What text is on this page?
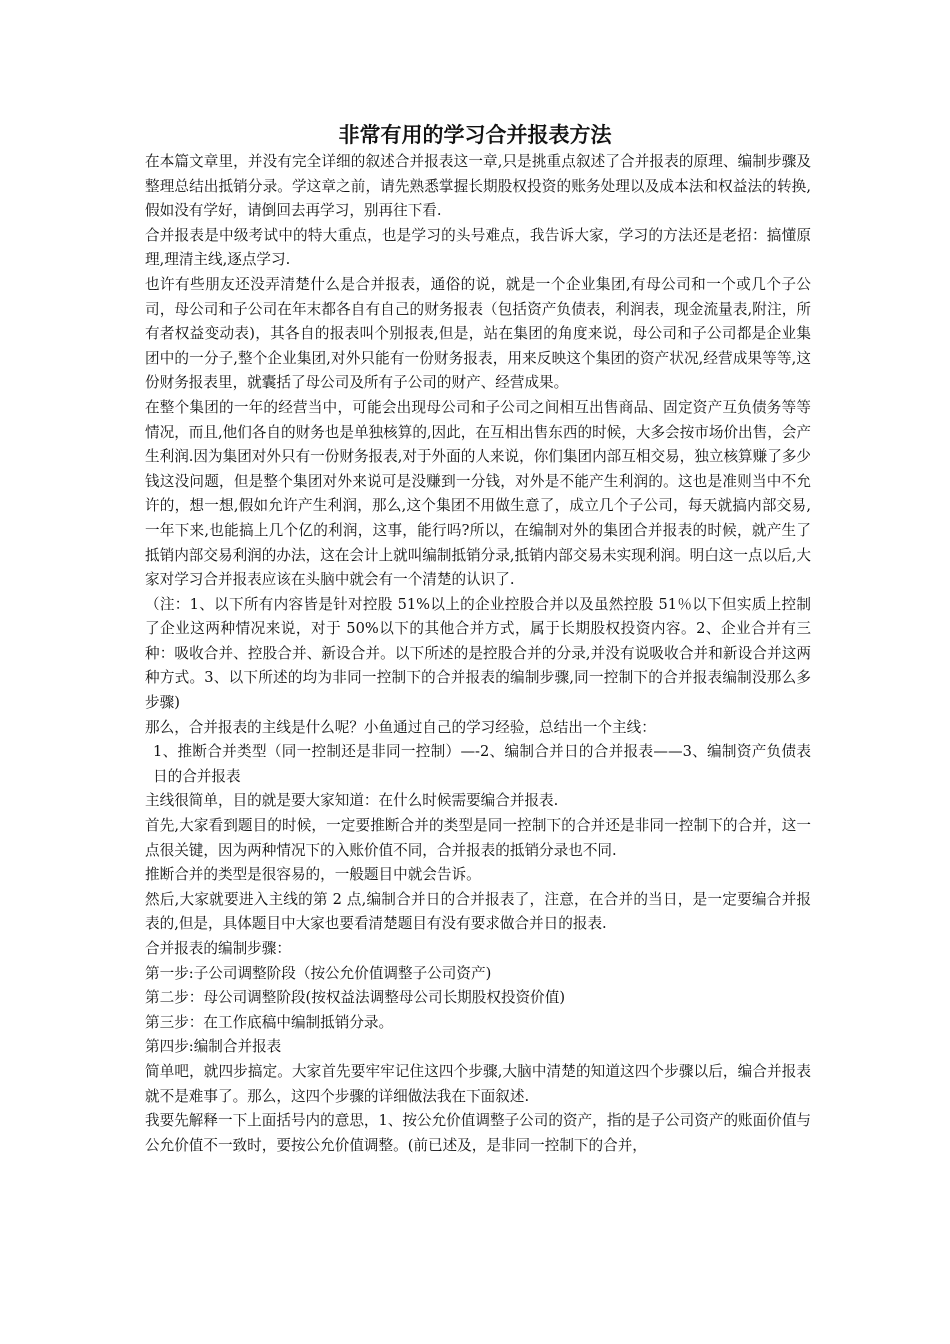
非常有用的学习合并报表方法

在本篇文章里，并没有完全详细的叙述合并报表这一章,只是挑重点叙述了合并报表的原理、编制步骤及整理总结出抵销分录。学这章之前，请先熟悉掌握长期股权投资的账务处理以及成本法和权益法的转换,假如没有学好，请倒回去再学习，别再往下看.

合并报表是中级考试中的特大重点，也是学习的头号难点，我告诉大家，学习的方法还是老招：搞懂原理,理清主线,逐点学习.

也许有些朋友还没弄清楚什么是合并报表，通俗的说，就是一个企业集团,有母公司和一个或几个子公司，母公司和子公司在年末都各自有自己的财务报表（包括资产负债表，利润表，现金流量表,附注，所有者权益变动表)，其各自的报表叫个别报表,但是，站在集团的角度来说，母公司和子公司都是企业集团中的一分子,整个企业集团,对外只能有一份财务报表，用来反映这个集团的资产状况,经营成果等等,这份财务报表里，就囊括了母公司及所有子公司的财产、经营成果。

在整个集团的一年的经营当中，可能会出现母公司和子公司之间相互出售商品、固定资产互负债务等等情况，而且,他们各自的财务也是单独核算的,因此，在互相出售东西的时候，大多会按市场价出售，会产生利润.因为集团对外只有一份财务报表,对于外面的人来说，你们集团内部互相交易，独立核算赚了多少钱这没问题，但是整个集团对外来说可是没赚到一分钱，对外是不能产生利润的。这也是准则当中不允许的，想一想,假如允许产生利润，那么,这个集团不用做生意了，成立几个子公司，每天就搞内部交易,一年下来,也能搞上几个亿的利润，这事，能行吗?所以，在编制对外的集团合并报表的时候，就产生了抵销内部交易利润的办法，这在会计上就叫编制抵销分录,抵销内部交易未实现利润。明白这一点以后,大家对学习合并报表应该在头脑中就会有一个清楚的认识了.

（注：1、以下所有内容皆是针对控股 51%以上的企业控股合并以及虽然控股 51％以下但实质上控制了企业这两种情况来说，对于 50%以下的其他合并方式，属于长期股权投资内容。2、企业合并有三种：吸收合并、控股合并、新设合并。以下所述的是控股合并的分录,并没有说吸收合并和新设合并这两种方式。3、以下所述的均为非同一控制下的合并报表的编制步骤,同一控制下的合并报表编制没那么多步骤)

那么，合并报表的主线是什么呢？小鱼通过自己的学习经验，总结出一个主线：

1、推断合并类型（同一控制还是非同一控制）—-2、编制合并日的合并报表——3、编制资产负债表日的合并报表

主线很简单，目的就是要大家知道：在什么时候需要编合并报表.

首先,大家看到题目的时候，一定要推断合并的类型是同一控制下的合并还是非同一控制下的合并，这一点很关键，因为两种情况下的入账价值不同，合并报表的抵销分录也不同.

推断合并的类型是很容易的，一般题目中就会告诉。

然后,大家就要进入主线的第 2 点,编制合并日的合并报表了，注意，在合并的当日，是一定要编合并报表的,但是，具体题目中大家也要看清楚题目有没有要求做合并日的报表.

合并报表的编制步骤：

第一步:子公司调整阶段（按公允价值调整子公司资产)

第二步：母公司调整阶段(按权益法调整母公司长期股权投资价值)

第三步：在工作底稿中编制抵销分录。

第四步:编制合并报表

简单吧，就四步搞定。大家首先要牢牢记住这四个步骤,大脑中清楚的知道这四个步骤以后，编合并报表就不是难事了。那么，这四个步骤的详细做法我在下面叙述.

我要先解释一下上面括号内的意思，1、按公允价值调整子公司的资产，指的是子公司资产的账面价值与公允价值不一致时，要按公允价值调整。(前已述及，是非同一控制下的合并，
